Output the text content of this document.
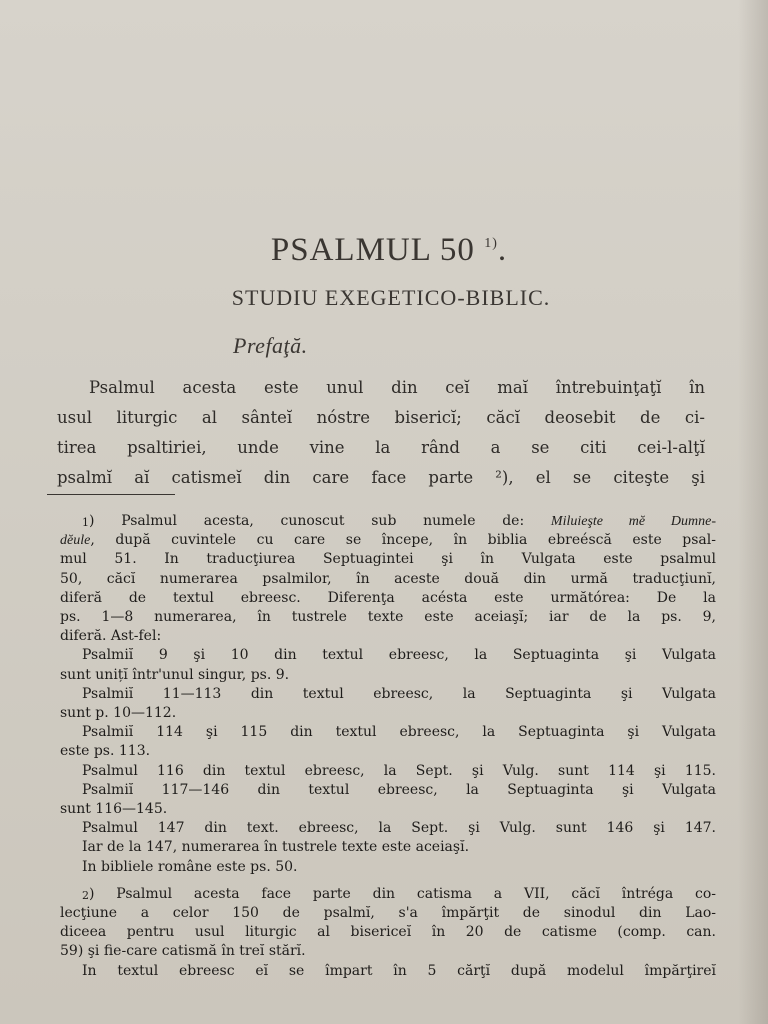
PSALMUL 50 $^{1)}$.
STUDIU EXEGETICO-BIBLIC.
Prefaţă.
Psalmul acesta este unul din ceĭ maĭ întrebuinţaţĭ în
usul liturgic al sânteĭ nóstre bisericĭ; căcĭ deosebit de ci-
tirea psaltiriei, unde vine la rând a se citi cei-l-alţĭ
psalmĭ aĭ catismeĭ din care face parte ²), el se citeşte şi
$^1$) Psalmul acesta, cunoscut sub numele de: Miluieşte mĕ Dumne-
dĕule, după cuvintele cu care se începe, în biblia ebreéscă este psal-
mul 51. In traducţiurea Septuagintei şi în Vulgata este psalmul
50, căcĭ numerarea psalmilor, în aceste două din urmă traducţiunĭ,
diferă de textul ebreesc. Diferenţa acésta este următórea: De la
ps. 1—8 numerarea, în tustrele texte este aceiaşĭ; iar de la ps. 9,
diferă. Ast-fel:
Psalmiĭ 9 şi 10 din textul ebreesc, la Septuaginta şi Vulgata
sunt unițĭ într'unul singur, ps. 9.
Psalmiĭ 11—113 din textul ebreesc, la Septuaginta şi Vulgata
sunt p. 10—112.
Psalmiĭ 114 şi 115 din textul ebreesc, la Septuaginta şi Vulgata
este ps. 113.
Psalmul 116 din textul ebreesc, la Sept. şi Vulg. sunt 114 şi 115.
Psalmiĭ 117—146 din textul ebreesc, la Septuaginta şi Vulgata
sunt 116—145.
Psalmul 147 din text. ebreesc, la Sept. şi Vulg. sunt 146 şi 147.
Iar de la 147, numerarea în tustrele texte este aceiaşĭ.
In bibliele române este ps. 50.
$^2$) Psalmul acesta face parte din catisma a VII, căcĭ întréga co-
lecţiune a celor 150 de psalmĭ, s'a împărţit de sinodul din Lao-
diceea pentru usul liturgic al bisericeĭ în 20 de catisme (comp. can.
59) şi fie-care catismă în treĭ stărĭ.
In textul ebreesc eĭ se împart în 5 cărţĭ după modelul împărţireĭ
